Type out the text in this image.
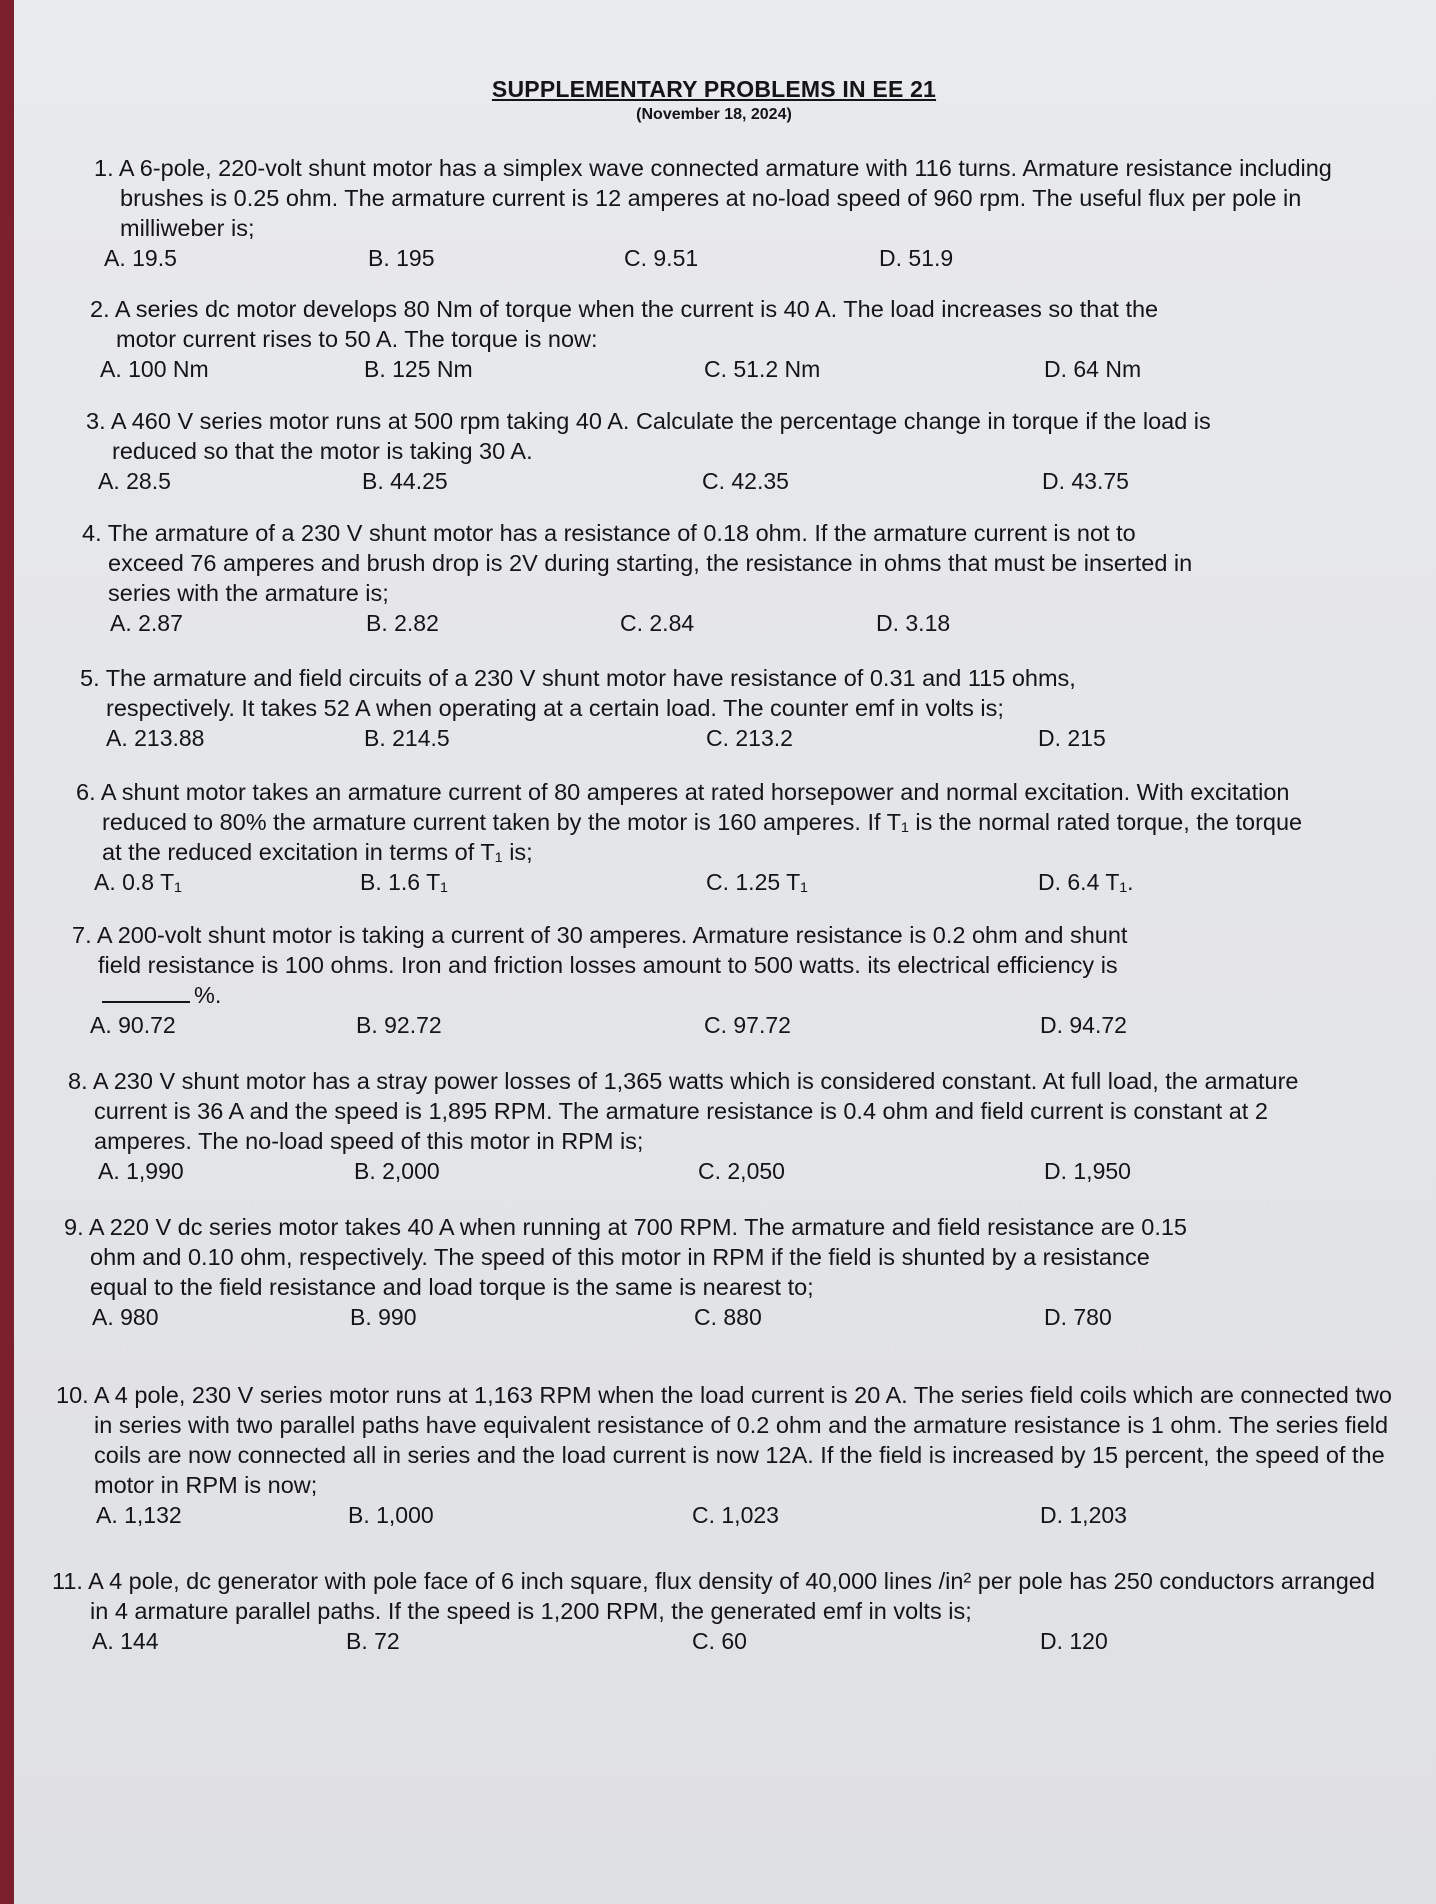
SUPPLEMENTARY PROBLEMS IN EE 21
(November 18, 2024)
1. A 6-pole, 220-volt shunt motor has a simplex wave connected armature with 116 turns. Armature resistance including brushes is 0.25 ohm. The armature current is 12 amperes at no-load speed of 960 rpm. The useful flux per pole in milliweber is;
A. 19.5	B. 195	C. 9.51	D. 51.9
2. A series dc motor develops 80 Nm of torque when the current is 40 A. The load increases so that the motor current rises to 50 A. The torque is now:
A. 100 Nm	B. 125 Nm	C. 51.2 Nm	D. 64 Nm
3. A 460 V series motor runs at 500 rpm taking 40 A. Calculate the percentage change in torque if the load is reduced so that the motor is taking 30 A.
A. 28.5	B. 44.25	C. 42.35	D. 43.75
4. The armature of a 230 V shunt motor has a resistance of 0.18 ohm. If the armature current is not to exceed 76 amperes and brush drop is 2V during starting, the resistance in ohms that must be inserted in series with the armature is;
A. 2.87	B. 2.82	C. 2.84	D. 3.18
5. The armature and field circuits of a 230 V shunt motor have resistance of 0.31 and 115 ohms, respectively. It takes 52 A when operating at a certain load. The counter emf in volts is;
A. 213.88	B. 214.5	C. 213.2	D. 215
6. A shunt motor takes an armature current of 80 amperes at rated horsepower and normal excitation. With excitation reduced to 80% the armature current taken by the motor is 160 amperes. If T₁ is the normal rated torque, the torque at the reduced excitation in terms of T₁ is;
A. 0.8 T₁	B. 1.6 T₁	C. 1.25 T₁	D. 6.4 T₁.
7. A 200-volt shunt motor is taking a current of 30 amperes. Armature resistance is 0.2 ohm and shunt field resistance is 100 ohms. Iron and friction losses amount to 500 watts. its electrical efficiency is%.
A. 90.72	B. 92.72	C. 97.72	D. 94.72
8. A 230 V shunt motor has a stray power losses of 1,365 watts which is considered constant. At full load, the armature current is 36 A and the speed is 1,895 RPM. The armature resistance is 0.4 ohm and field current is constant at 2 amperes. The no-load speed of this motor in RPM is;
A. 1,990	B. 2,000	C. 2,050	D. 1,950
9. A 220 V dc series motor takes 40 A when running at 700 RPM. The armature and field resistance are 0.15 ohm and 0.10 ohm, respectively. The speed of this motor in RPM if the field is shunted by a resistance equal to the field resistance and load torque is the same is nearest to;
A. 980	B. 990	C. 880	D. 780
10. A 4 pole, 230 V series motor runs at 1,163 RPM when the load current is 20 A. The series field coils which are connected two in series with two parallel paths have equivalent resistance of 0.2 ohm and the armature resistance is 1 ohm. The series field coils are now connected all in series and the load current is now 12A. If the field is increased by 15 percent, the speed of the motor in RPM is now;
A. 1,132	B. 1,000	C. 1,023	D. 1,203
11. A 4 pole, dc generator with pole face of 6 inch square, flux density of 40,000 lines /in² per pole has 250 conductors arranged in 4 armature parallel paths. If the speed is 1,200 RPM, the generated emf in volts is;
A. 144	B. 72	C. 60	D. 120
